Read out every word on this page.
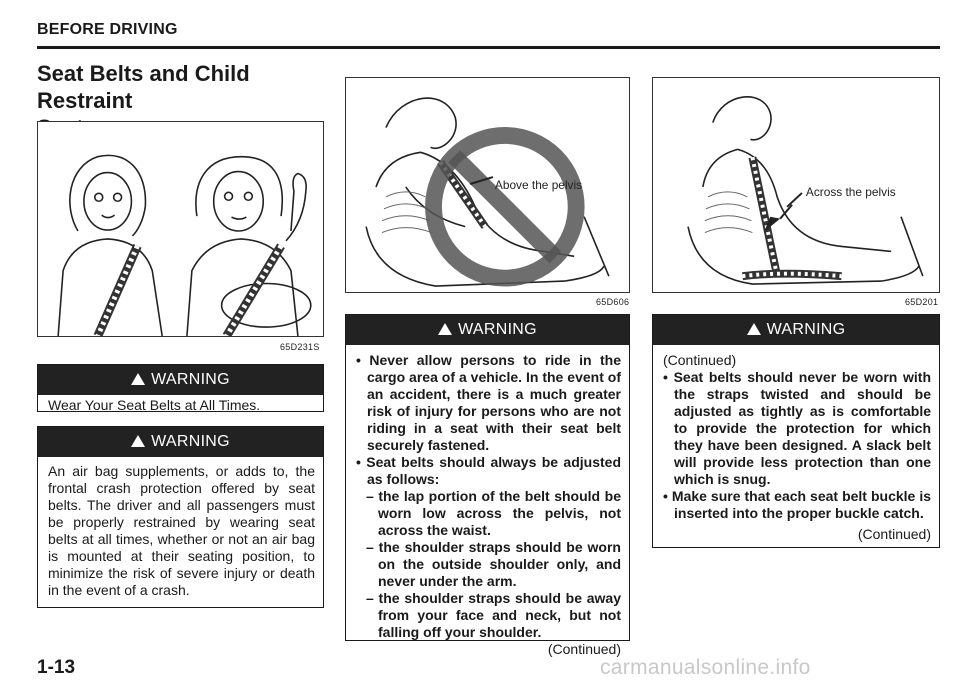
BEFORE DRIVING
Seat Belts and Child Restraint
65D231S
WARNING
Wear Your Seat Belts at All Times.
WARNING
An air bag supplements, or adds to, the frontal crash protection offered by seat belts. The driver and all passengers must be properly restrained by wearing seat belts at all times, whether or not an air bag is mounted at their seating position, to minimize the risk of severe injury or death in the event of a crash.
Above the pelvis
65D606
WARNING
• Never allow persons to ride in the cargo area of a vehicle. In the event of an accident, there is a much greater risk of injury for persons who are not riding in a seat with their seat belt securely fastened.
• Seat belts should always be adjusted as follows:
– the lap portion of the belt should be worn low across the pelvis, not across the waist.
– the shoulder straps should be worn on the outside shoulder only, and never under the arm.
– the shoulder straps should be away from your face and neck, but not falling off your shoulder.
(Continued)
Across the pelvis
65D201
WARNING
(Continued)
• Seat belts should never be worn with the straps twisted and should be adjusted as tightly as is comfortable to provide the protection for which they have been designed. A slack belt will provide less protection than one which is snug.
• Make sure that each seat belt buckle is inserted into the proper buckle catch.
(Continued)
1-13	carmanualsonline.info
